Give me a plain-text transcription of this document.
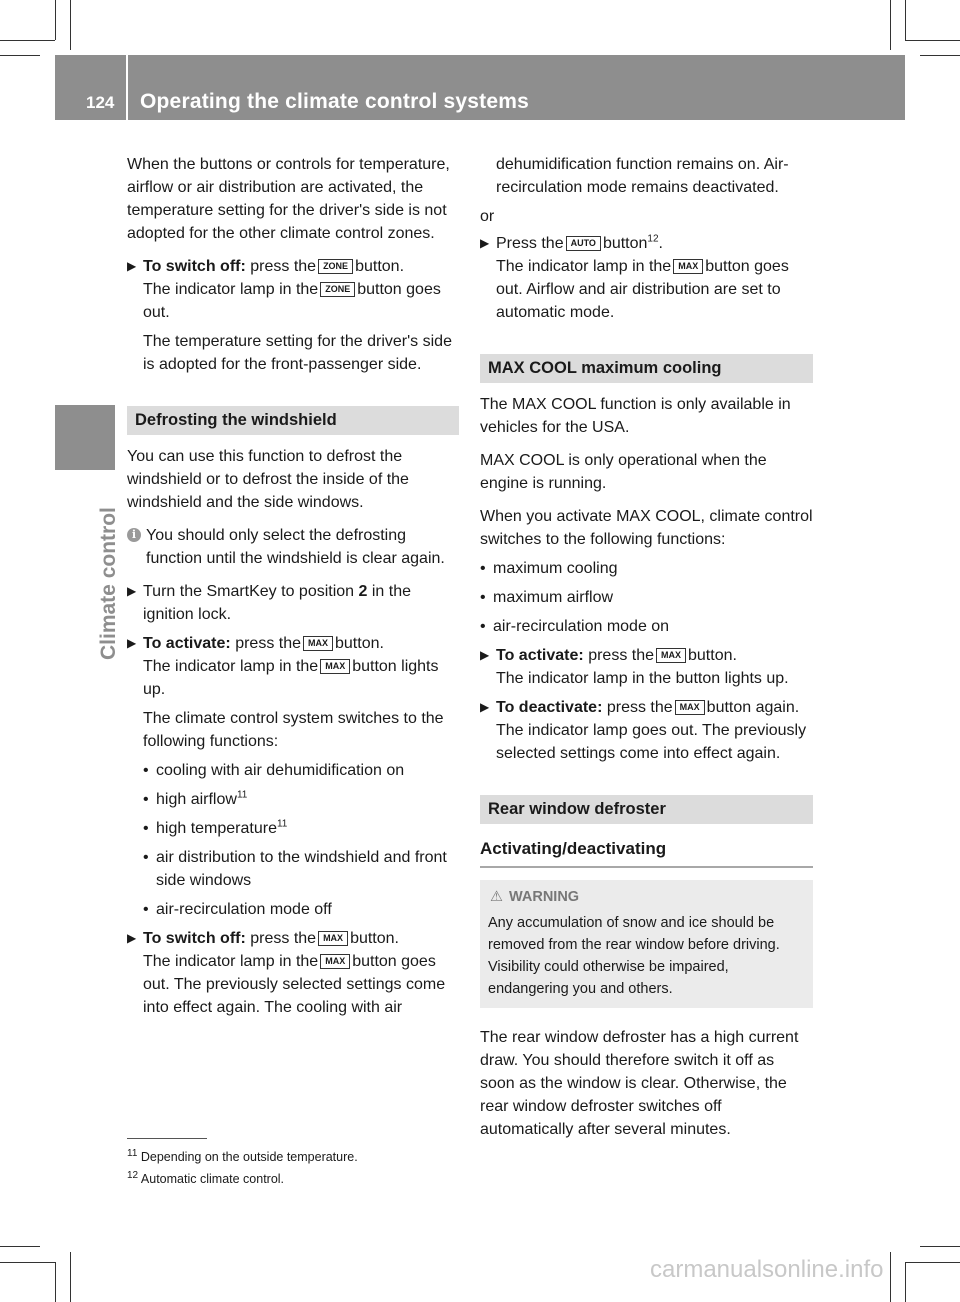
124 Operating the climate control systems
Climate control

When the buttons or controls for temperature, airflow or air distribution are activated, the temperature setting for the driver's side is not adopted for the other climate control zones.

▶ To switch off: press the ZONE button.
The indicator lamp in the ZONE button goes out.
The temperature setting for the driver's side is adopted for the front-passenger side.
Defrosting the windshield

You can use this function to defrost the windshield or to defrost the inside of the windshield and the side windows.

i You should only select the defrosting function until the windshield is clear again.
▶ Turn the SmartKey to position 2 in the ignition lock.
▶ To activate: press the MAX button.
The indicator lamp in the MAX button lights up.
The climate control system switches to the following functions:
• cooling with air dehumidification on
• high airflow$^{11}$
• high temperature$^{11}$
• air distribution to the windshield and front side windows
• air-recirculation mode off
▶ To switch off: press the MAX button.
The indicator lamp in the MAX button goes out. The previously selected settings come into effect again. The cooling with air
dehumidification function remains on. Air-recirculation mode remains deactivated.

or

▶ Press the AUTO button$^{12}$.
The indicator lamp in the MAX button goes out. Airflow and air distribution are set to automatic mode.
MAX COOL maximum cooling

The MAX COOL function is only available in vehicles for the USA.

MAX COOL is only operational when the engine is running.

When you activate MAX COOL, climate control switches to the following functions:

• maximum cooling
• maximum airflow
• air-recirculation mode on
▶ To activate: press the MAX button.
The indicator lamp in the button lights up.
▶ To deactivate: press the MAX button again.
The indicator lamp goes out. The previously selected settings come into effect again.
Rear window defroster
Activating/deactivating
⚠ WARNING
Any accumulation of snow and ice should be removed from the rear window before driving. Visibility could otherwise be impaired, endangering you and others.

The rear window defroster has a high current draw. You should therefore switch it off as soon as the window is clear. Otherwise, the rear window defroster switches off automatically after several minutes.

$^{11}$ Depending on the outside temperature.
$^{12}$ Automatic climate control.
carmanualsonline.info
